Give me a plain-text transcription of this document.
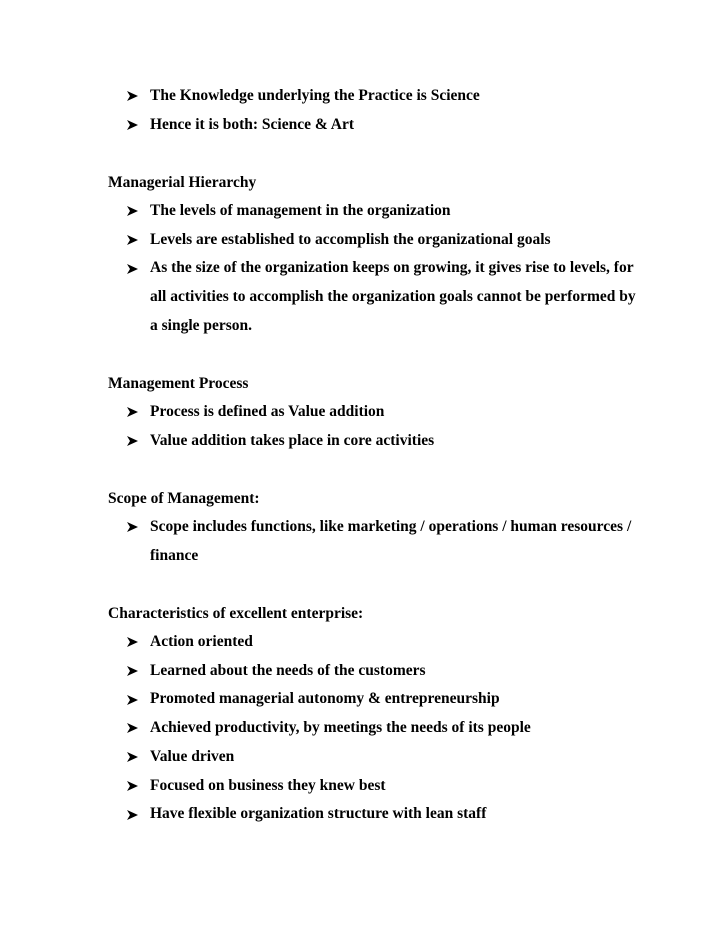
The Knowledge underlying the Practice is Science
Hence it is both: Science & Art
Managerial Hierarchy
The levels of management in the organization
Levels are established to accomplish the organizational goals
As the size of the organization keeps on growing, it gives rise to levels, for all activities to accomplish the organization goals cannot be performed by a single person.
Management Process
Process is defined as Value addition
Value addition takes place in core activities
Scope of Management:
Scope includes functions, like marketing / operations / human resources / finance
Characteristics of excellent enterprise:
Action oriented
Learned about the needs of the customers
Promoted managerial autonomy & entrepreneurship
Achieved productivity, by meetings the needs of its people
Value driven
Focused on business they knew best
Have flexible organization structure with lean staff
